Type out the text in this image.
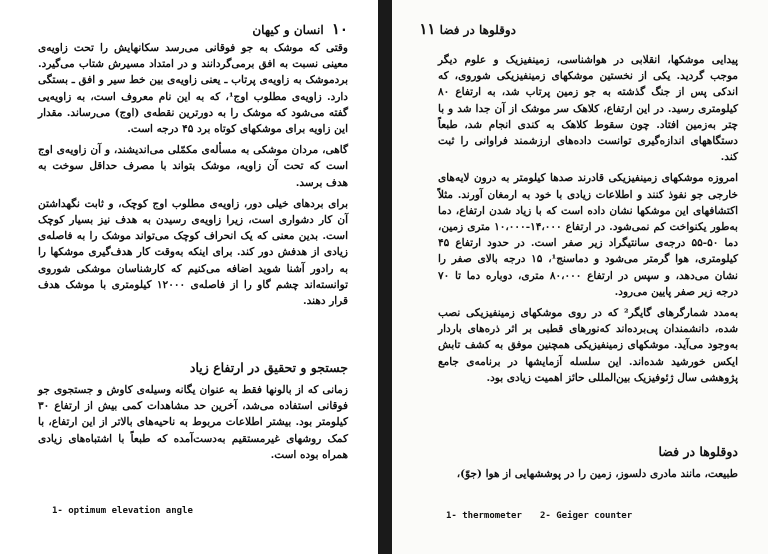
۱۰ انسان و کیهان

وقتی که موشک به جو فوقانی می‌رسد سکانهایش را تحت زاویه‌ی معینی نسبت به افق برمی‌گردانند و در امتداد مسیرش شتاب می‌گیرد. بردموشک به زاویه‌ی پرتاب ـ یعنی زاویه‌ی بین خط سیر و افق ـ بستگی دارد. زاویه‌ی مطلوب اوج¹، که به این نام معروف است، به زاویه‌یی گفته می‌شود که موشک را به دورترین نقطه‌ی (اوج) می‌رساند. مقدار این زاویه برای موشکهای کوتاه برد ۴۵ درجه است.

گاهی، مردان موشکی به مسأله‌ی مکمّلی می‌اندیشند، و آن زاویه‌ی اوج است که تحت آن زاویه، موشک بتواند با مصرف حداقل سوخت به هدف برسد.

برای بردهای خیلی دور، زاویه‌ی مطلوب اوج کوچک، و ثابت نگهداشتن آن کار دشواری است، زیرا زاویه‌ی رسیدن به هدف نیز بسیار کوچک است. بدین معنی که یک انحراف کوچک می‌تواند موشک را به فاصله‌ی زیادی از هدفش دور کند. برای اینکه به‌وقت کار هدف‌گیری موشکها را به رادور آشنا شوید اضافه می‌کنیم که کارشناسان موشکی شوروی توانسته‌اند چشم گاو را از فاصله‌ی ۱۲۰۰۰ کیلومتری با موشک هدف قرار دهند.

جستجو و تحقیق در ارتفاع زیاد

زمانی که از بالونها فقط به عنوان یگانه وسیله‌ی کاوش و جستجوی جو فوقانی استفاده می‌شد، آخرین حد مشاهدات کمی بیش از ارتفاع ۳۰ کیلومتر بود. بیشتر اطلاعات مربوط به ناحیه‌های بالاتر از این ارتفاع، با کمک روشهای غیرمستقیم به‌دست‌آمده که طبعاً با اشتباه‌های زیادی همراه بوده است.

1- optimum elevation angle
دوقلوها در فضا ۱۱

پیدایی موشکها، انقلابی در هواشناسی، زمینفیزیک و علوم دیگر موجب گردید. یکی از نخستین موشکهای زمینفیزیکی شوروی، که اندکی پس از جنگ گذشته به جو زمین پرتاب شد، به ارتفاع ۸۰ کیلومتری رسید. در این ارتفاع، کلاهک سر موشک از آن جدا شد و با چتر به‌زمین افتاد. چون سقوط کلاهک به کندی انجام شد، طبعاً دستگاههای اندازه‌گیری توانست داده‌های ارزشمند فراوانی را ثبت کند.

امروزه موشکهای زمینفیزیکی قادرند صدها کیلومتر به درون لایه‌های خارجی جو نفوذ کنند و اطلاعات زیادی با خود به ارمغان آورند. مثلاً اکتشافهای این موشکها نشان داده است که با زیاد شدن ارتفاع، دما به‌طور یکنواخت کم نمی‌شود. در ارتفاع ۱۴،۰۰۰-۱۰،۰۰۰ متری زمین، دما ۵۰-۵۵ درجه‌ی سانتیگراد زیر صفر است. در حدود ارتفاع ۴۵ کیلومتری، هوا گرمتر می‌شود و دماسنج¹، ۱۵ درجه بالای صفر را نشان می‌دهد، و سپس در ارتفاع ۸۰،۰۰۰ متری، دوباره دما تا ۷۰ درجه زیر صفر پایین می‌رود.

به‌مدد شمارگرهای گایگر² که در روی موشکهای زمینفیزیکی نصب شده، دانشمندان پی‌برده‌اند که‌نورهای قطبی بر اثر ذره‌های باردار به‌وجود می‌آید. موشکهای زمینفیزیکی همچنین موفق به کشف تابش ایکس خورشید شده‌اند. این سلسله آزمایشها در برنامه‌ی جامع پژوهشی سال ژئوفیزیک بین‌المللی حائز اهمیت زیادی بود.

دوقلوها در فضا

طبیعت، مانند مادری دلسوز، زمین را در پوششهایی از هوا (جوّ)،

1- thermometer 2- Geiger counter
